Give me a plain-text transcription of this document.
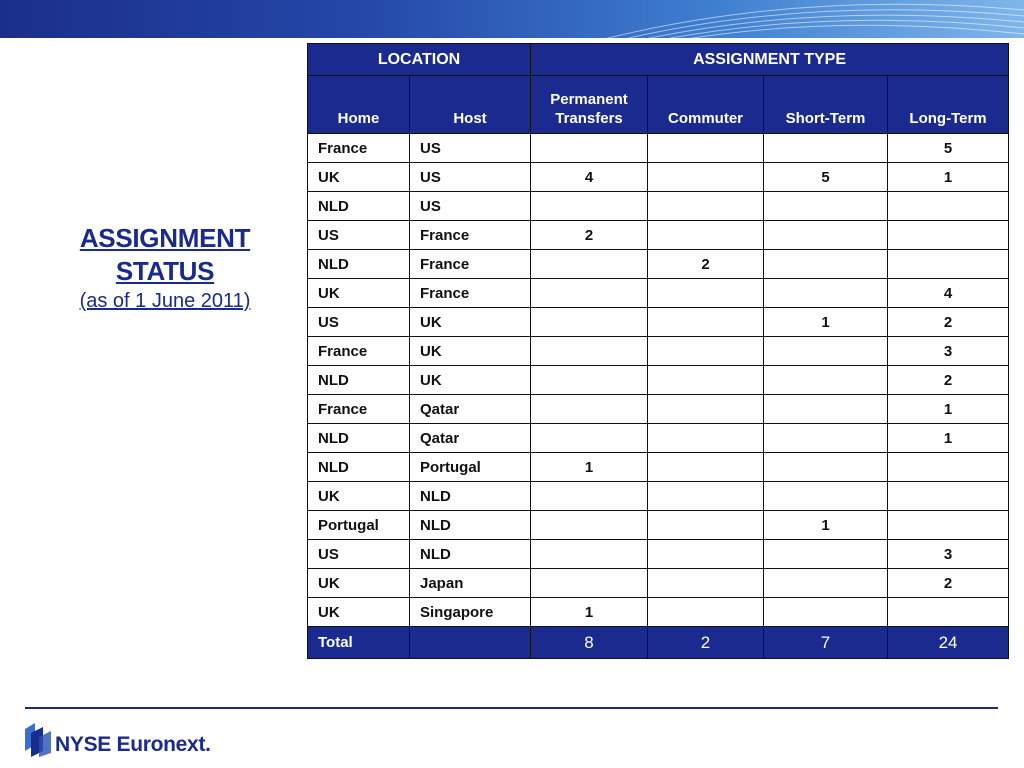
ASSIGNMENT
STATUS
(as of 1 June 2011)
LOCATION		ASSIGNMENT TYPE			
Home	Host	Permanent Transfers	Commuter	Short-Term	Long-Term
France	US				5
UK	US	4		5	1
NLD	US				
US	France	2			
NLD	France		2		
UK	France				4
US	UK			1	2
France	UK				3
NLD	UK				2
France	Qatar				1
NLD	Qatar				1
NLD	Portugal	1			
UK	NLD				
Portugal	NLD			1	
US	NLD				3
UK	Japan				2
UK	Singapore	1			
Total		8	2	7	24
NYSE Euronext.
